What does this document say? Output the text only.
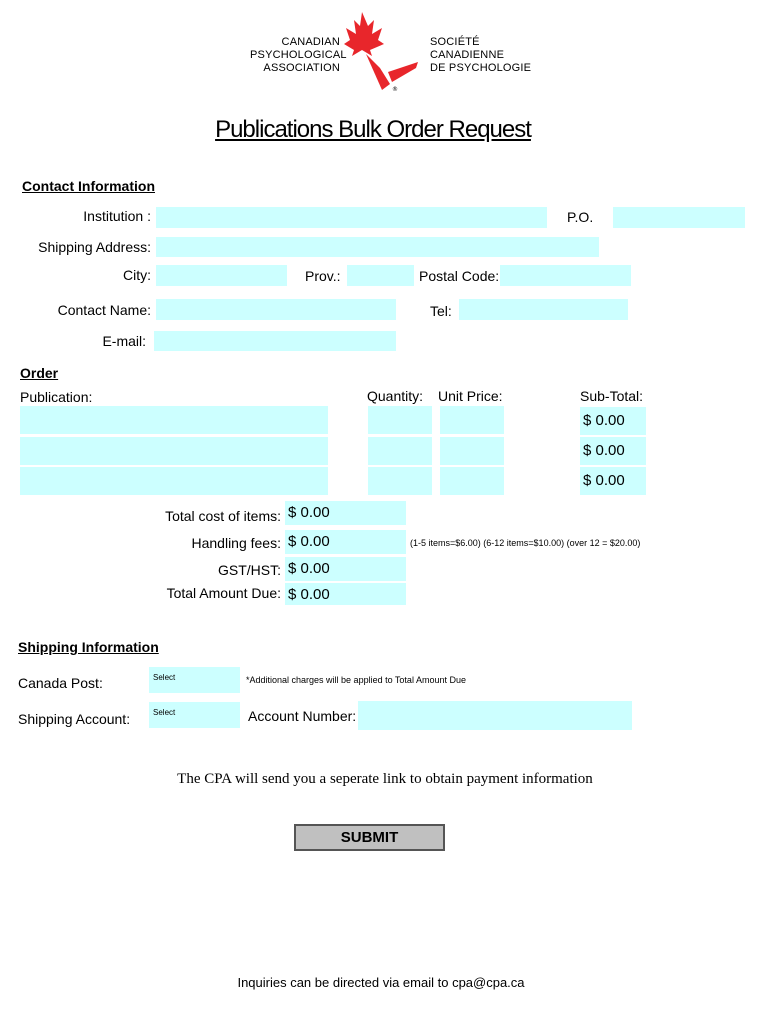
CANADIAN
PSYCHOLOGICAL
ASSOCIATION
®
SOCIÉTÉ
CANADIENNE
DE PSYCHOLOGIE
Publications Bulk Order Request
Contact Information
Institution :	P.O.
Shipping Address:
City:	Prov.:	Postal Code:
Contact Name:	Tel:
E-mail:
Order
Publication:	Quantity: Unit Price:	Sub-Total:
$ 0.00
$ 0.00
$ 0.00
Total cost of items: $ 0.00
Handling fees: $ 0.00	(1-5 items=$6.00) (6-12 items=$10.00) (over 12 = $20.00)
GST/HST: $ 0.00
Total Amount Due: $ 0.00
Shipping Information
Canada Post:	Select	*Additional charges will be applied to Total Amount Due
Shipping Account:	Select	Account Number:
The CPA will send you a seperate link to obtain payment information
SUBMIT
Inquiries can be directed via email to cpa@cpa.ca
